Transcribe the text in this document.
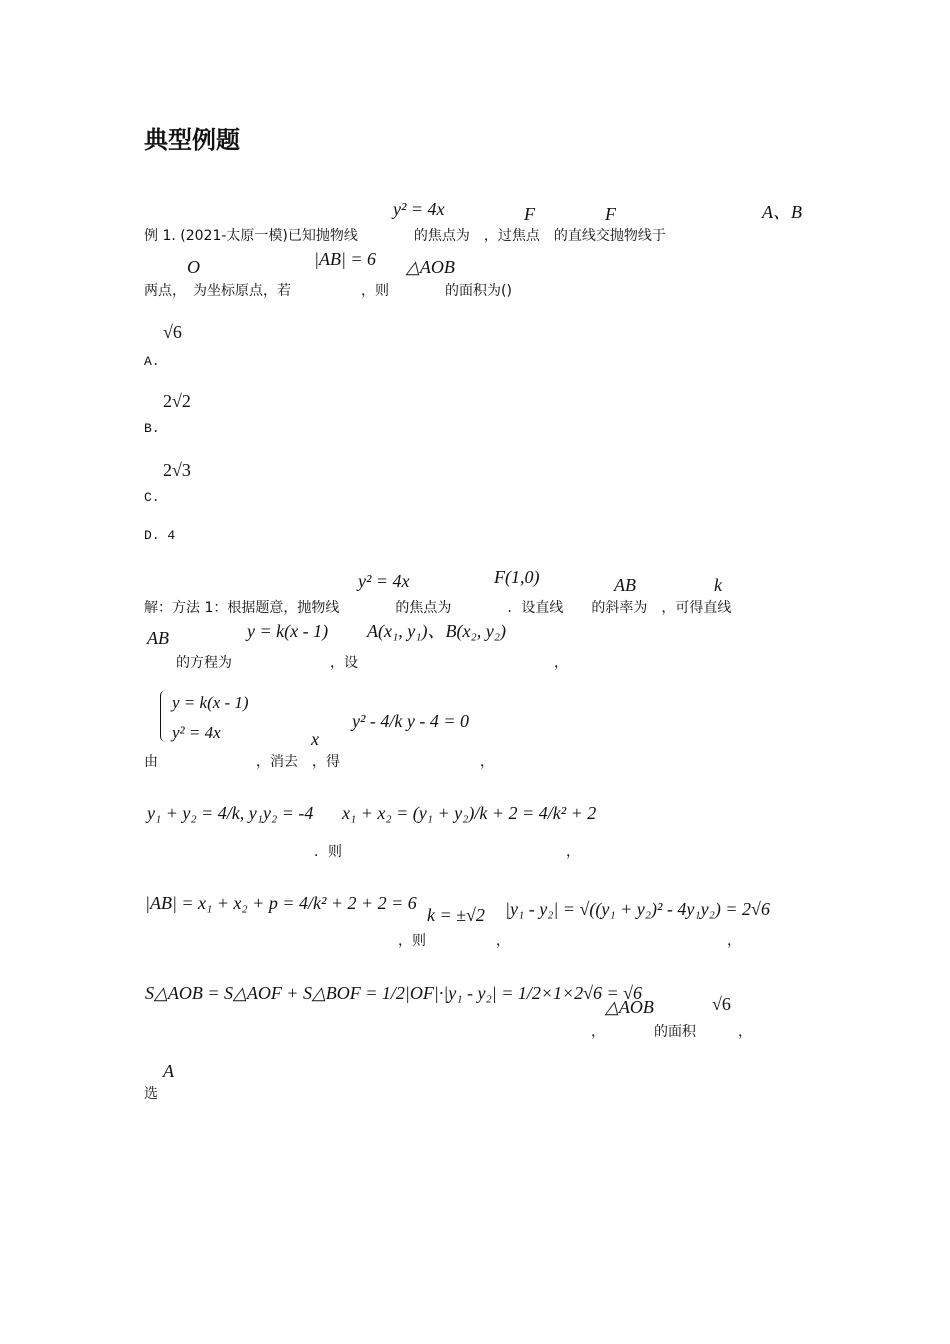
典型例题
y² = 4x	F	F	A、B
例 1. (2021-太原一模)已知抛物线　　　　的焦点为　，过焦点　的直线交抛物线于
O	|AB| = 6 △AOB
两点，　为坐标原点，若　　　　　，则　　　　的面积为()
√6
A.
2√2
B.
2√3
C.
D. 4
y² = 4x	F(1,0)	AB	k
解：方法 1：根据题意，抛物线　　　　的焦点为　　　　．设直线　　的斜率为　，可得直线
AB	y = k(x - 1) A(x₁, y₁)、B(x₂, y₂)
的方程为　　　　　　　，设　　　　　　　　　　　　　　，
y = k(x - 1)
y² = 4x	x
y² - 4/k y - 4 = 0
由　　　　　　　，消去　，得　　　　　　　　　　，
y₁ + y₂ = 4/k, y₁y₂ = -4 x₁ + x₂ = (y₁ + y₂)/k + 2 = 4/k² + 2
．则　　　　　　　　　　　　　　　　，
|AB| = x₁ + x₂ + p = 4/k² + 2 + 2 = 6
k = ±√2 |y₁ - y₂| = √((y₁ + y₂)² - 4y₁y₂) = 2√6
，则　　　　　，　　　　　　　　　　　　　　　　，
S△AOB = S△AOF + S△BOF = 1/2|OF|·|y₁ - y₂| = 1/2×1×2√6 = √6
△AOB	√6
，　　　　的面积　　　，
A
选
